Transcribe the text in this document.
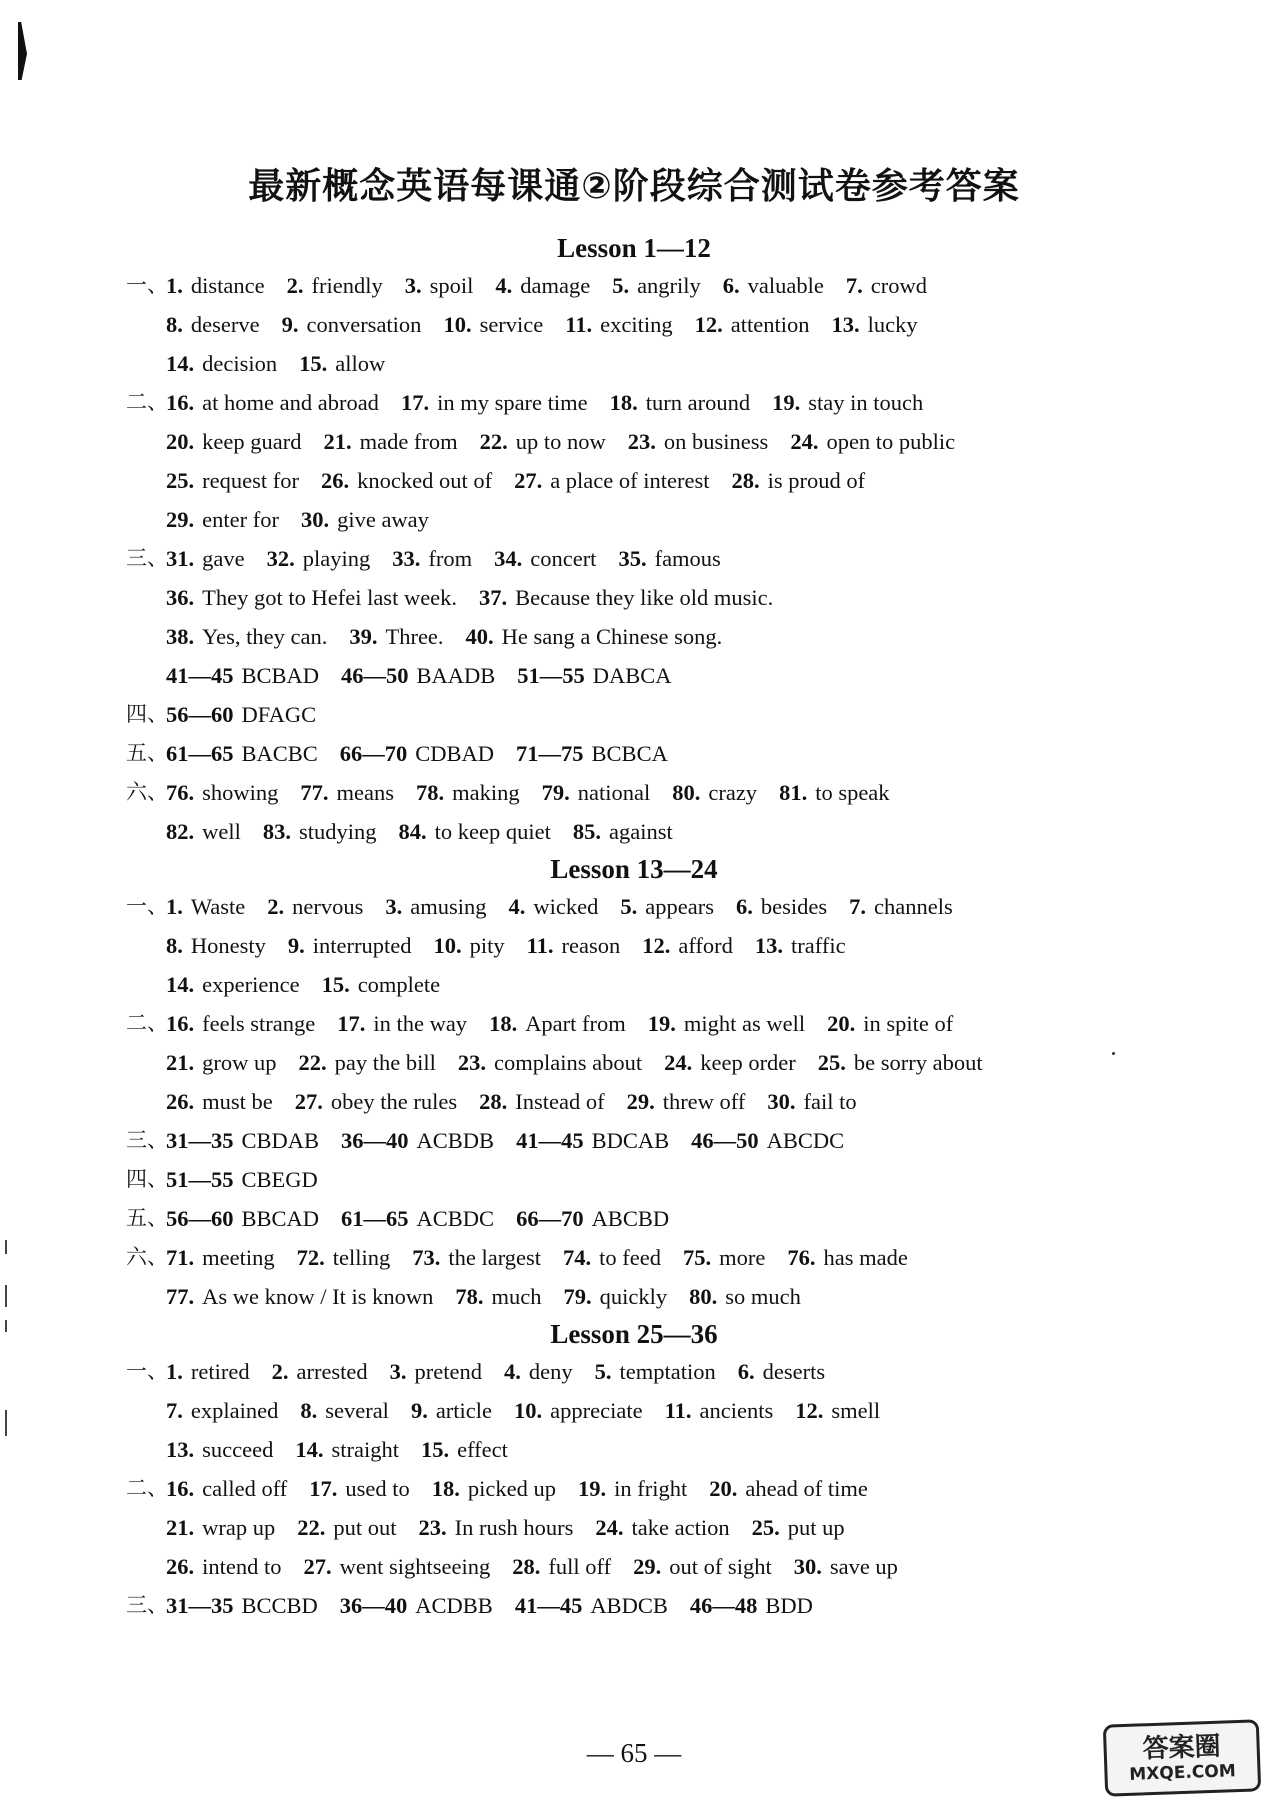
最新概念英语每课通②阶段综合测试卷参考答案
Lesson 1—12
一、
1. distance 2. friendly 3. spoil 4. damage 5. angrily 6. valuable 7. crowd
8. deserve 9. conversation 10. service 11. exciting 12. attention 13. lucky
14. decision 15. allow
二、
16. at home and abroad 17. in my spare time 18. turn around 19. stay in touch
20. keep guard 21. made from 22. up to now 23. on business 24. open to public
25. request for 26. knocked out of 27. a place of interest 28. is proud of
29. enter for 30. give away
三、
31. gave 32. playing 33. from 34. concert 35. famous
36. They got to Hefei last week. 37. Because they like old music.
38. Yes, they can. 39. Three. 40. He sang a Chinese song.
41—45 BCBAD 46—50 BAADB 51—55 DABCA
四、
56—60 DFAGC
五、
61—65 BACBC 66—70 CDBAD 71—75 BCBCA
六、
76. showing 77. means 78. making 79. national 80. crazy 81. to speak
82. well 83. studying 84. to keep quiet 85. against
Lesson 13—24
一、
1. Waste 2. nervous 3. amusing 4. wicked 5. appears 6. besides 7. channels
8. Honesty 9. interrupted 10. pity 11. reason 12. afford 13. traffic
14. experience 15. complete
二、
16. feels strange 17. in the way 18. Apart from 19. might as well 20. in spite of
21. grow up 22. pay the bill 23. complains about 24. keep order 25. be sorry about
26. must be 27. obey the rules 28. Instead of 29. threw off 30. fail to
三、
31—35 CBDAB 36—40 ACBDB 41—45 BDCAB 46—50 ABCDC
四、
51—55 CBEGD
五、
56—60 BBCAD 61—65 ACBDC 66—70 ABCBD
六、
71. meeting 72. telling 73. the largest 74. to feed 75. more 76. has made
77. As we know / It is known 78. much 79. quickly 80. so much
Lesson 25—36
一、
1. retired 2. arrested 3. pretend 4. deny 5. temptation 6. deserts
7. explained 8. several 9. article 10. appreciate 11. ancients 12. smell
13. succeed 14. straight 15. effect
二、
16. called off 17. used to 18. picked up 19. in fright 20. ahead of time
21. wrap up 22. put out 23. In rush hours 24. take action 25. put up
26. intend to 27. went sightseeing 28. full off 29. out of sight 30. save up
三、
31—35 BCCBD 36—40 ACDBB 41—45 ABDCB 46—48 BDD
— 65 —	答案圈
MXQE.COM
